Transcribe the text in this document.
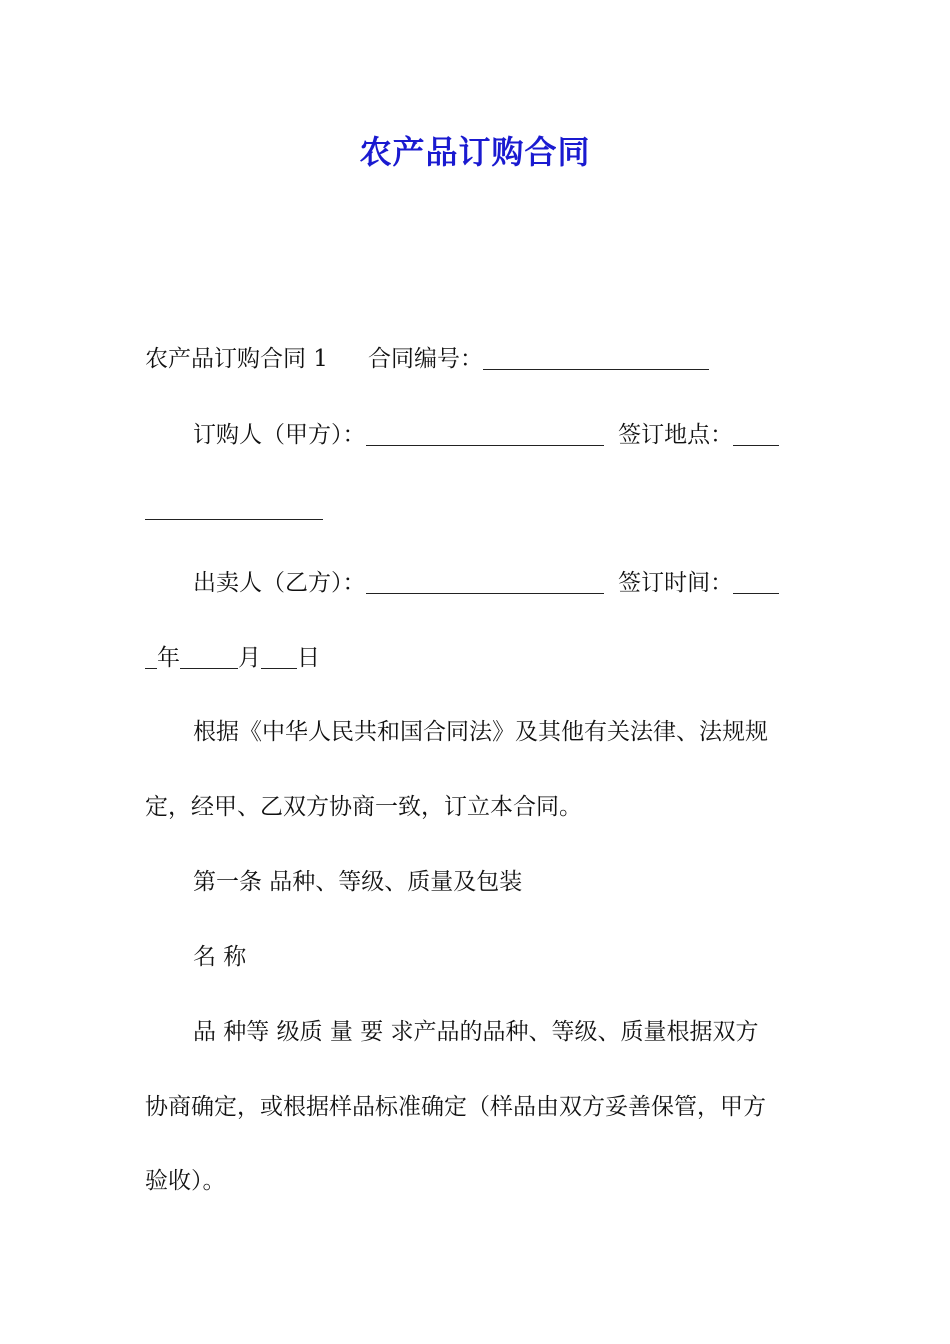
农产品订购合同
农产品订购合同 1 合同编号：
订购人（甲方）：	签订地点：
出卖人（乙方）：	签订时间：
年	月 日
根据《中华人民共和国合同法》及其他有关法律、法规规
定，经甲、乙双方协商一致，订立本合同。
第一条 品种、等级、质量及包装
名 称
品 种等 级质 量 要 求产品的品种、等级、质量根据双方
协商确定，或根据样品标准确定（样品由双方妥善保管，甲方
验收）。
